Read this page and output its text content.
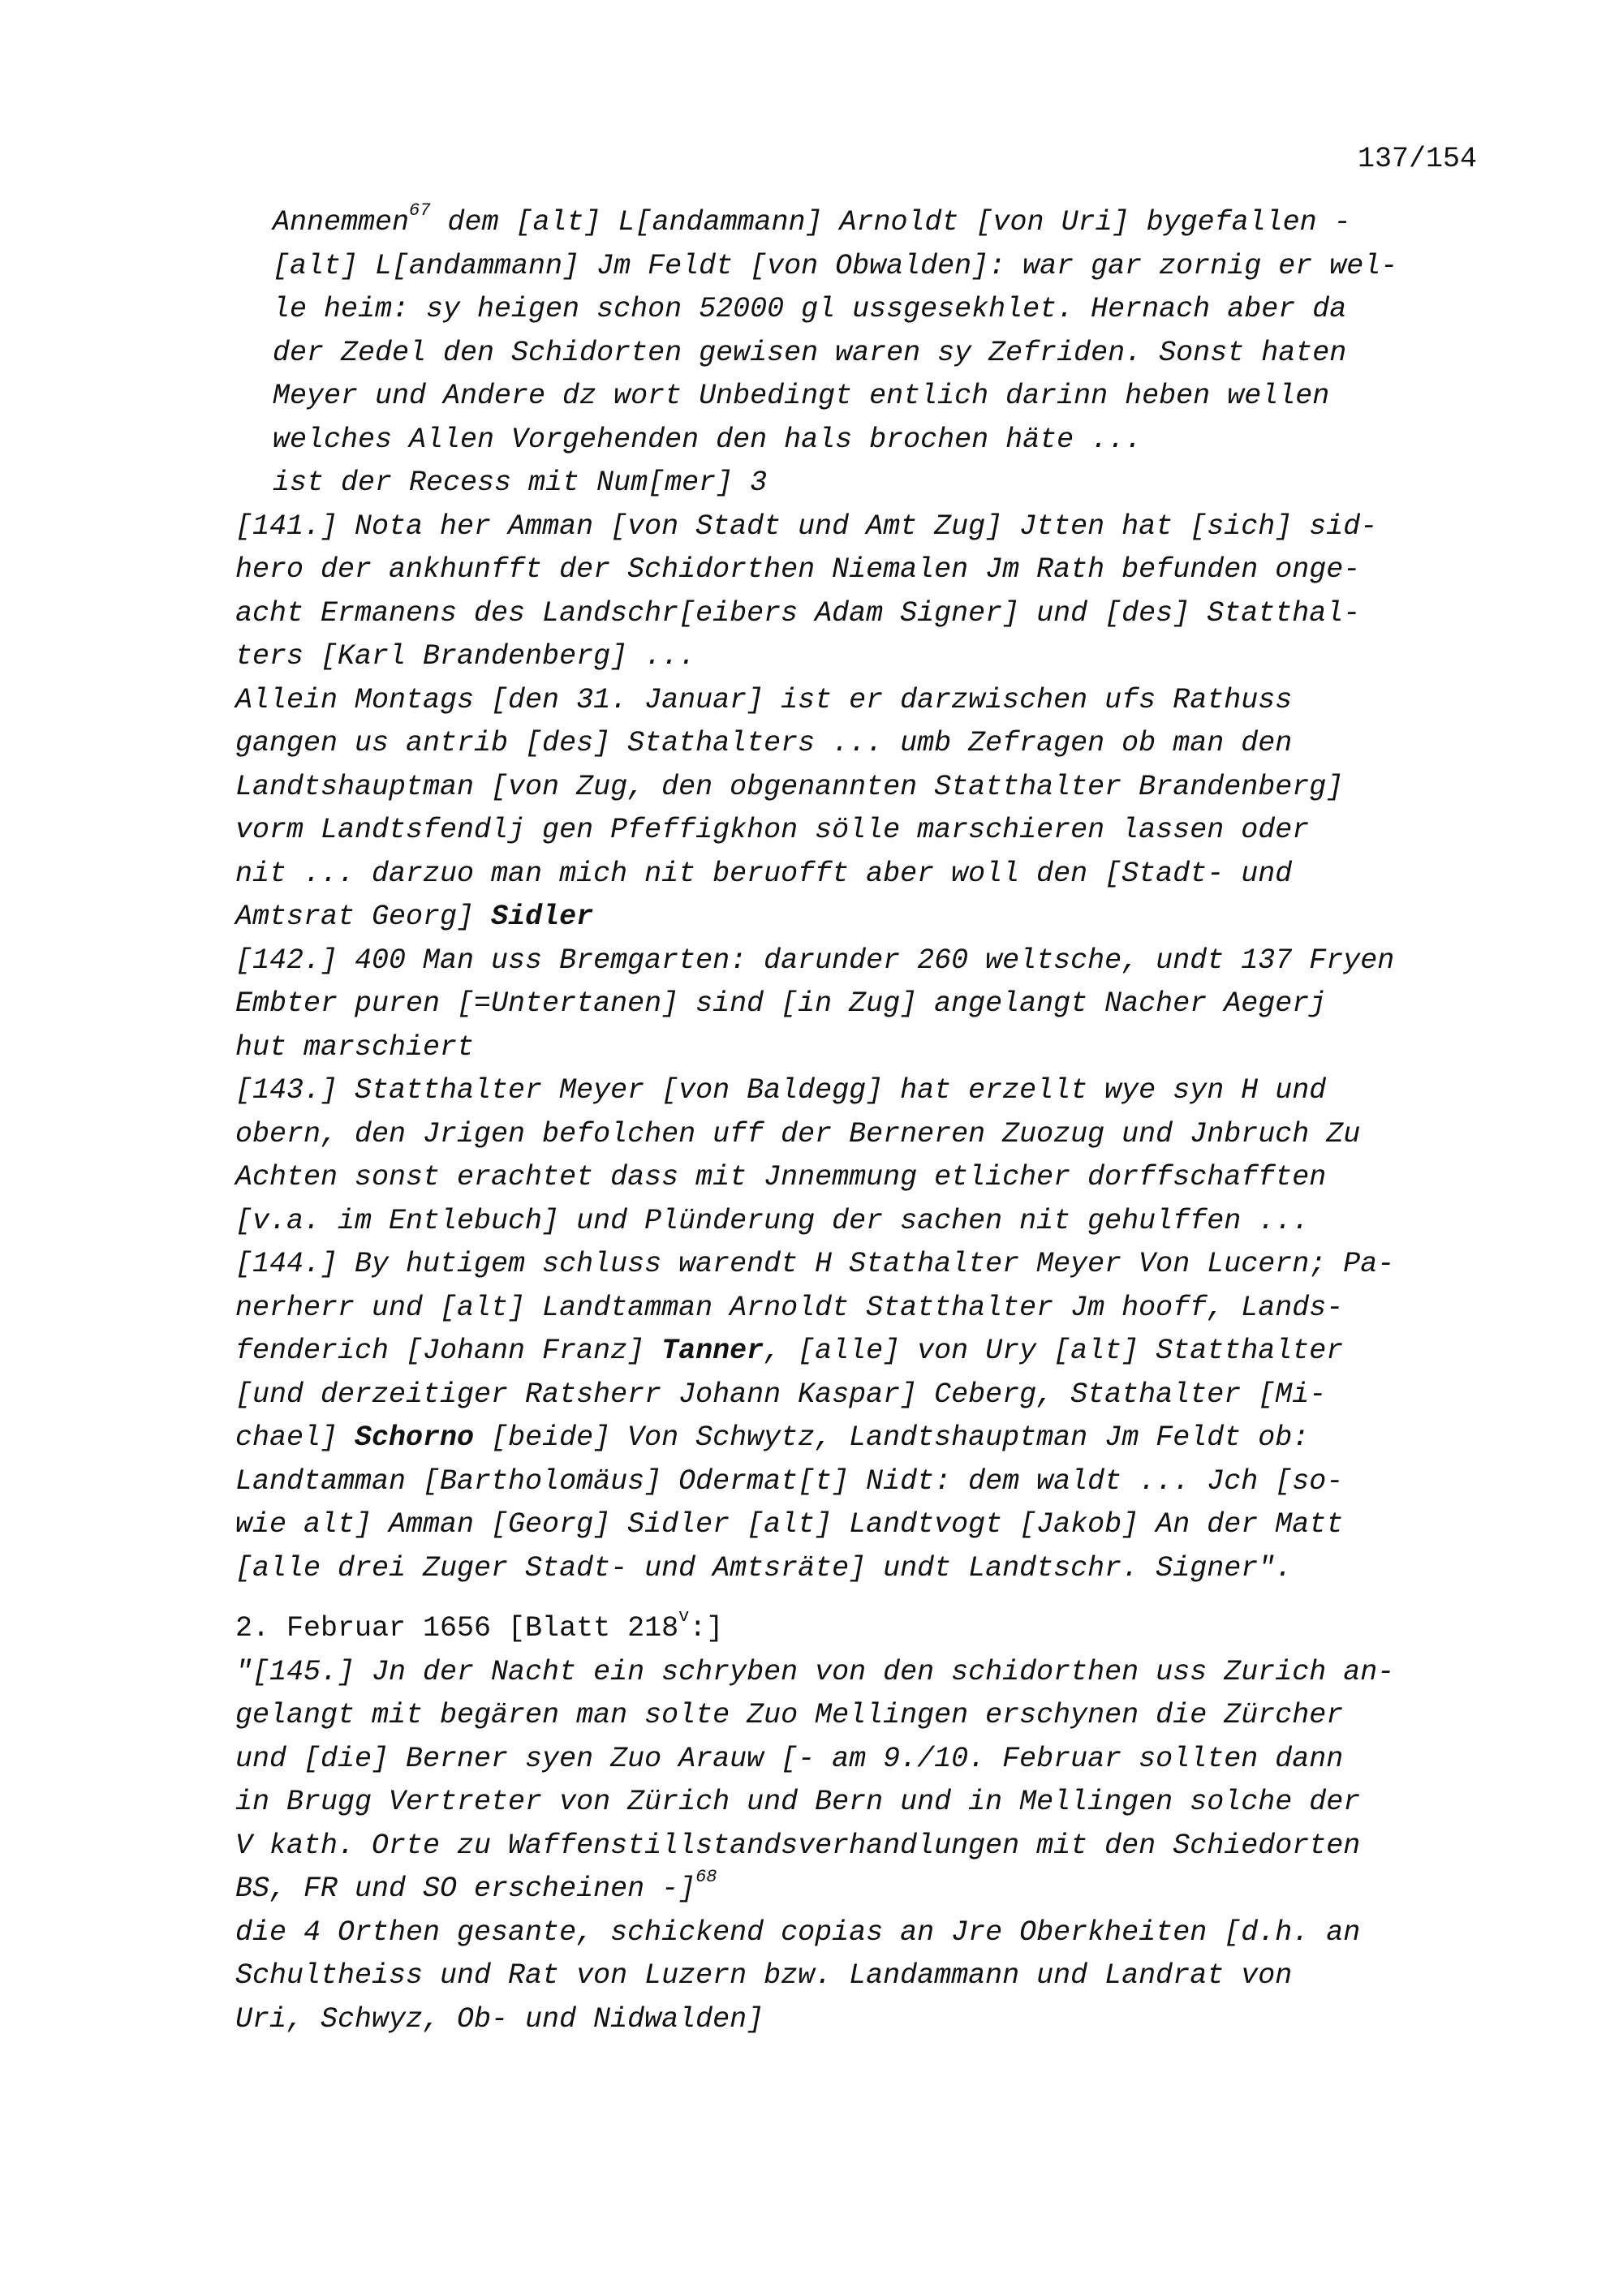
137/154
Annemmen$^{67}$ dem [alt] L[andammann] Arnoldt [von Uri] bygefallen -
[alt] L[andammann] Jm Feldt [von Obwalden]: war gar zornig er wel-
le heim: sy heigen schon 52000 gl ussgesekhlet. Hernach aber da
der Zedel den Schidorten gewisen waren sy Zefriden. Sonst haten
Meyer und Andere dz wort Unbedingt entlich darinn heben wellen
welches Allen Vorgehenden den hals brochen häte ...
ist der Recess mit Num[mer] 3
[141.] Nota her Amman [von Stadt und Amt Zug] Jtten hat [sich] sid-
hero der ankhunfft der Schidorthen Niemalen Jm Rath befunden onge-
acht Ermanens des Landschr[eibers Adam Signer] und [des] Statthal-
ters [Karl Brandenberg] ...
Allein Montags [den 31. Januar] ist er darzwischen ufs Rathuss
gangen us antrib [des] Stathalters ... umb Zefragen ob man den
Landtshauptman [von Zug, den obgenannten Statthalter Brandenberg]
vorm Landtsfendlj gen Pfeffigkhon sölle marschieren lassen oder
nit ... darzuo man mich nit beruofft aber woll den [Stadt- und
Amtsrat Georg] Sidler
[142.] 400 Man uss Bremgarten: darunder 260 weltsche, undt 137 Fryen
Embter puren [=Untertanen] sind [in Zug] angelangt Nacher Aegerj
hut marschiert
[143.] Statthalter Meyer [von Baldegg] hat erzellt wye syn H und
obern, den Jrigen befolchen uff der Berneren Zuozug und Jnbruch Zu
Achten sonst erachtet dass mit Jnnemmung etlicher dorffschafften
[v.a. im Entlebuch] und Plünderung der sachen nit gehulffen ...
[144.] By hutigem schluss warendt H Stathalter Meyer Von Lucern; Pa-
nerherr und [alt] Landtamman Arnoldt Statthalter Jm hooff, Lands-
fenderich [Johann Franz] Tanner, [alle] von Ury [alt] Statthalter
[und derzeitiger Ratsherr Johann Kaspar] Ceberg, Stathalter [Mi-
chael] Schorno [beide] Von Schwytz, Landtshauptman Jm Feldt ob:
Landtamman [Bartholomäus] Odermat[t] Nidt: dem waldt ... Jch [so-
wie alt] Amman [Georg] Sidler [alt] Landtvogt [Jakob] An der Matt
[alle drei Zuger Stadt- und Amtsräte] undt Landtschr. Signer".

2. Februar 1656 [Blatt 218$^v$:]

"[145.] Jn der Nacht ein schryben von den schidorthen uss Zurich an-
gelangt mit begären man solte Zuo Mellingen erschynen die Zürcher
und [die] Berner syen Zuo Arauw [- am 9./10. Februar sollten dann
in Brugg Vertreter von Zürich und Bern und in Mellingen solche der
V kath. Orte zu Waffenstillstandsverhandlungen mit den Schiedorten
BS, FR und SO erscheinen -]$^{68}$
die 4 Orthen gesante, schickend copias an Jre Oberkheiten [d.h. an
Schultheiss und Rat von Luzern bzw. Landammann und Landrat von
Uri, Schwyz, Ob- und Nidwalden]
